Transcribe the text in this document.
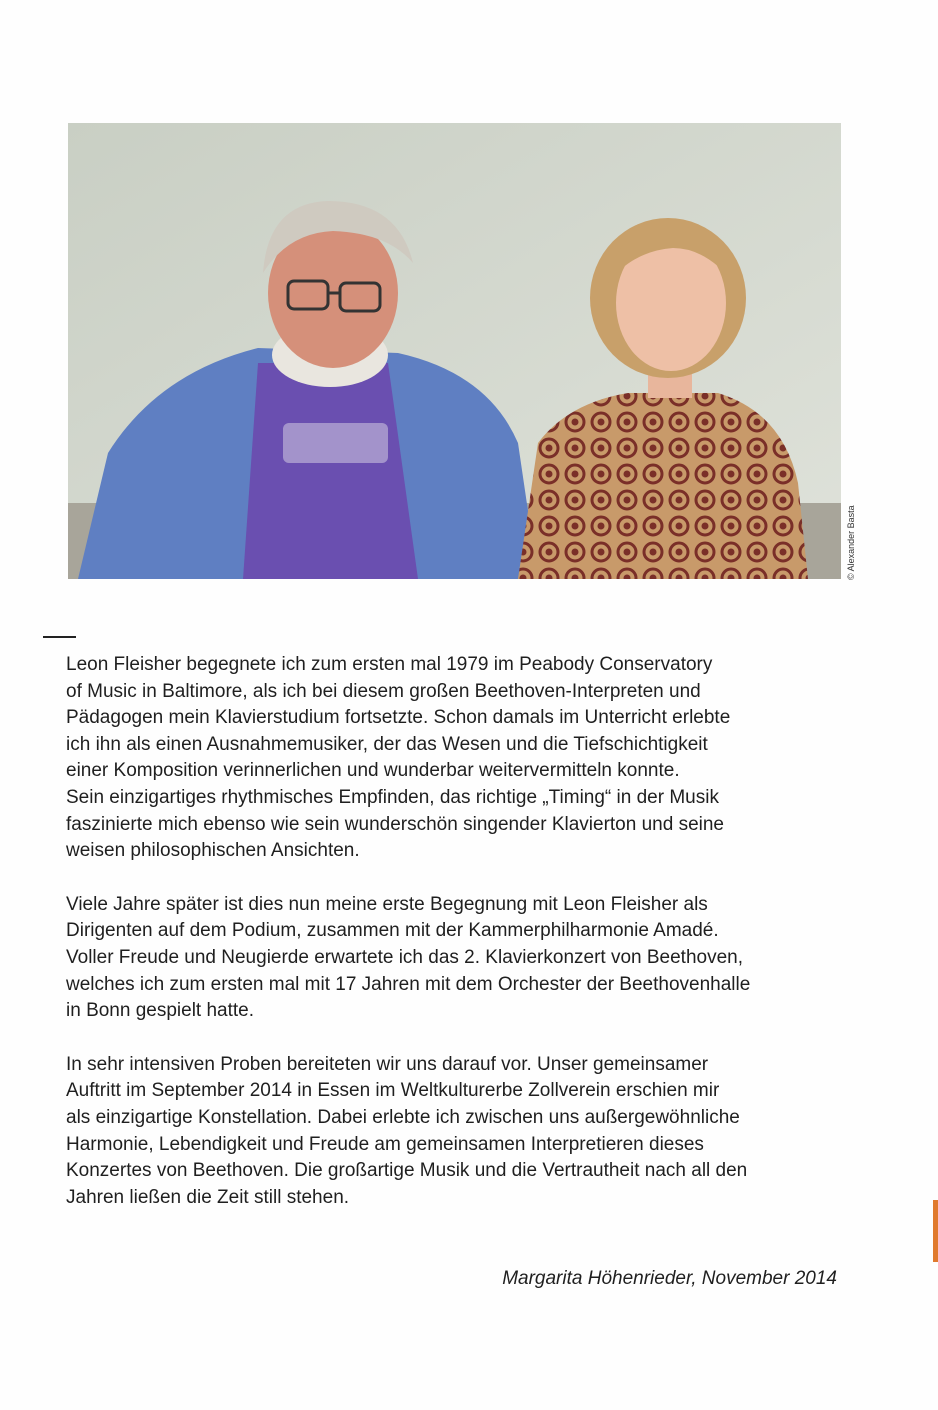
© Alexander Basta

Leon Fleisher begegnete ich zum ersten mal 1979 im Peabody Conservatory
of Music in Baltimore, als ich bei diesem großen Beethoven-Interpreten und
Pädagogen mein Klavierstudium fortsetzte. Schon damals im Unterricht erlebte
ich ihn als einen Ausnahmemusiker, der das Wesen und die Tiefschichtigkeit
einer Komposition verinnerlichen und wunderbar weitervermitteln konnte.
Sein einzigartiges rhythmisches Empfinden, das richtige „Timing“ in der Musik
faszinierte mich ebenso wie sein wunderschön singender Klavierton und seine
weisen philosophischen Ansichten.

Viele Jahre später ist dies nun meine erste Begegnung mit Leon Fleisher als
Dirigenten auf dem Podium, zusammen mit der Kammerphilharmonie Amadé.
Voller Freude und Neugierde erwartete ich das 2. Klavierkonzert von Beethoven,
welches ich zum ersten mal mit 17 Jahren mit dem Orchester der Beethovenhalle
in Bonn gespielt hatte.

In sehr intensiven Proben bereiteten wir uns darauf vor. Unser gemeinsamer
Auftritt im September 2014 in Essen im Weltkulturerbe Zollverein erschien mir
als einzigartige Konstellation. Dabei erlebte ich zwischen uns außergewöhnliche
Harmonie, Lebendigkeit und Freude am gemeinsamen Interpretieren dieses
Konzertes von Beethoven. Die großartige Musik und die Vertrautheit nach all den
Jahren ließen die Zeit still stehen.

Margarita Höhenrieder, November 2014
